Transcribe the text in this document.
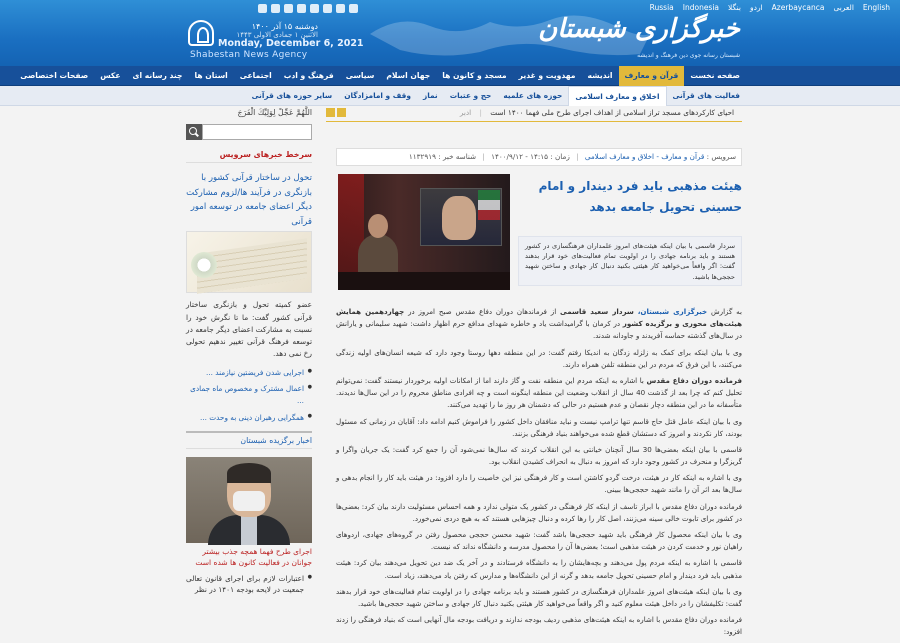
Russia Indonesia بنگلا اردو Azerbaycanca العربی English
دوشنبه ۱۵ آذر ۱۴۰۰
الاثنین ۱ جمادی الاولی ۱۴۴۳
Monday, December 6, 2021
Shabestan News Agency
خبرگزاری شبستان
شبستان رسانه جوی دین فرهنگ و اندیشه
صفحه نخست
قرآن و معارف
اندیشه
مهدویت و غدیر
مسجد و کانون ها
جهان اسلام
سیاسی
فرهنگ و ادب
اجتماعی
استان ها
چند رسانه ای
عکس
صفحات اختصاصی
فعالیت های قرآنی
اخلاق و معارف اسلامی
حوزه های علمیه
حج و عتبات
نماز
وقف و امامزادگان
سایر حوزه های قرآنی
احیای کارکردهای مسجد تراز اسلامی از اهداف اجرای طرح ملی فهما ۱۴۰۰ است | ادبر
اللَّهُمَّ عَجِّلْ لِوَلِيِّكَ الْفَرَجَ
سرخط خبرهای سرویس
تحول در ساختار قرآنی کشور با بازنگری در فرآیند ها/لزوم مشارکت دیگر اعضای جامعه در توسعه امور قرآنی
عضو کمیته تحول و بازنگری ساختار قرآنی کشور گفت: ما تا نگرش خود را نسبت به مشارکت اعضای دیگر جامعه در توسعه فرهنگ قرآنی تغییر ندهیم تحولی رخ نمی دهد.
● اجرایی شدن فریضتین نیازمند ...
● اعمال مشترک و مخصوص ماه جمادی ...
● همگرایی رهبران دینی به وحدت ...
اخبار برگزیده شبستان
اجرای طرح فهما همچه جذب بیشتر جوانان در فعالیت کانون ها شده است
● اعتبارات لازم برای اجرای قانون تعالی جمعیت در لایحه بودجه ۱۴۰۱ در نظر
سرویس : قرآن و معارف - اخلاق و معارف اسلامی | زمان : ۱۴:۱۵ - ۱۴۰۰/۹/۱۲ | شناسه خبر : ۱۱۳۲۹۱۹
هیئت مذهبی باید فرد دیندار و امام حسینی تحویل جامعه بدهد
سردار قاسمی با بیان اینکه هیئت‌های امروز علمداران فرهنگسازی در کشور هستند و باید برنامه جهادی را در اولویت تمام فعالیت‌های خود قرار بدهند گفت: اگر واقعاً می‌خواهید کار هیئتی بکنید دنبال کار جهادی و ساختن شهید حججی‌ها باشید.

به گزارش خبرگزاری شبستان، سردار سعید قاسمی از فرماندهان دوران دفاع مقدس صبح امروز در چهاردهمین همایش هیئت‌های محوری و برگزیده کشور در کرمان با گرامیداشت یاد و خاطره شهدای مدافع حرم اظهار داشت: شهید سلیمانی و یارانش در سال‌های گذشته حماسه آفریدند و جاودانه شدند.

وی با بیان اینکه برای کمک به زلزله زدگان به اندیکا رفتم گفت: در این منطقه دهها روستا وجود دارد که شیعه انسان‌های اولیه زندگی می‌کنند، با این فرق که مردم در این منطقه تلفن همراه دارند.

فرمانده دوران دفاع مقدس با اشاره به اینکه مردم این منطقه نفت و گاز دارند اما از امکانات اولیه برخوردار نیستند گفت: نمی‌توانم تحلیل کنم که چرا بعد از گذشت 40 سال از انقلاب وضعیت این منطقه اینگونه است و چه افرادی مناطق محروم را در این سال‌ها ندیدند. متأسفانه ما در این منطقه دچار نقصان و عدم هستیم در حالی که دشمنان هر روز ما را تهدید می‌کنند.

وی با بیان اینکه عامل قتل حاج قاسم تنها ترامپ نیست و نباید منافقان داخل کشور را فراموش کنیم ادامه داد: آقایان در زمانی که مسئول بودند، کار نکردند و امروز که دستشان قطع شده می‌خواهند بنیاد فرهنگی بزنند.

قاسمی با بیان اینکه بعضی‌ها 30 سال آنچنان خیانتی به این انقلاب کردند که سال‌ها نمی‌شود آن را جمع کرد گفت: یک جریان واگرا و گریزگرا و منحرف در کشور وجود دارد که امروز به دنبال به انحراف کشیدن انقلاب بود.

وی با اشاره به اینکه کار در هیئت، درخت گردو کاشتن است و کار فرهنگی نیز این خاصیت را دارد افزود: در هیئت باید کار را انجام بدهی و سال‌ها بعد اثر آن را مانند شهید حججی‌ها ببینی.

فرمانده دوران دفاع مقدس با ابراز تاسف از اینکه کار فرهنگی در کشور یک متولی ندارد و همه احساس مسئولیت دارند بیان کرد: بعضی‌ها در کشور برای تابوت خالی سینه می‌زنند، اصل کار را رها کرده و دنبال چیزهایی هستند که به هیچ دردی نمی‌خورد.

وی با بیان اینکه محصول کار فرهنگی باید شهید حججی‌ها باشد گفت: شهید محسن حججی محصول رفتن در گروه‌های جهادی، اردوهای راهیان نور و خدمت کردن در هیئت مذهبی است؛ بعضی‌ها آن را محصول مدرسه و دانشگاه نداند که نیست.

قاسمی با اشاره به اینکه مردم پول می‌دهند و بچه‌هایشان را به دانشگاه فرستادند و در آخر یک ضد دین تحویل می‌دهند بیان کرد: هیئت مذهبی باید فرد دیندار و امام حسینی تحویل جامعه بدهد و گرنه از این دانشگاه‌ها و مدارس که رفتن یاد می‌دهند، زیاد است.

وی با بیان اینکه هیئت‌های امروز علمداران فرهنگسازی در کشور هستند و باید برنامه جهادی را در اولویت تمام فعالیت‌های خود قرار بدهند گفت: تکلیفشان را در داخل هیئت معلوم کنید و اگر واقعاً می‌خواهید کار هیئتی بکنید دنبال کار جهادی و ساختن شهید حججی‌ها باشید.

فرمانده دوران دفاع مقدس با اشاره به اینکه هیئت‌های مذهبی ردیف بودجه ندارند و دریافت بودجه مال آنهایی است که بنیاد فرهنگی را زدند افزود:
